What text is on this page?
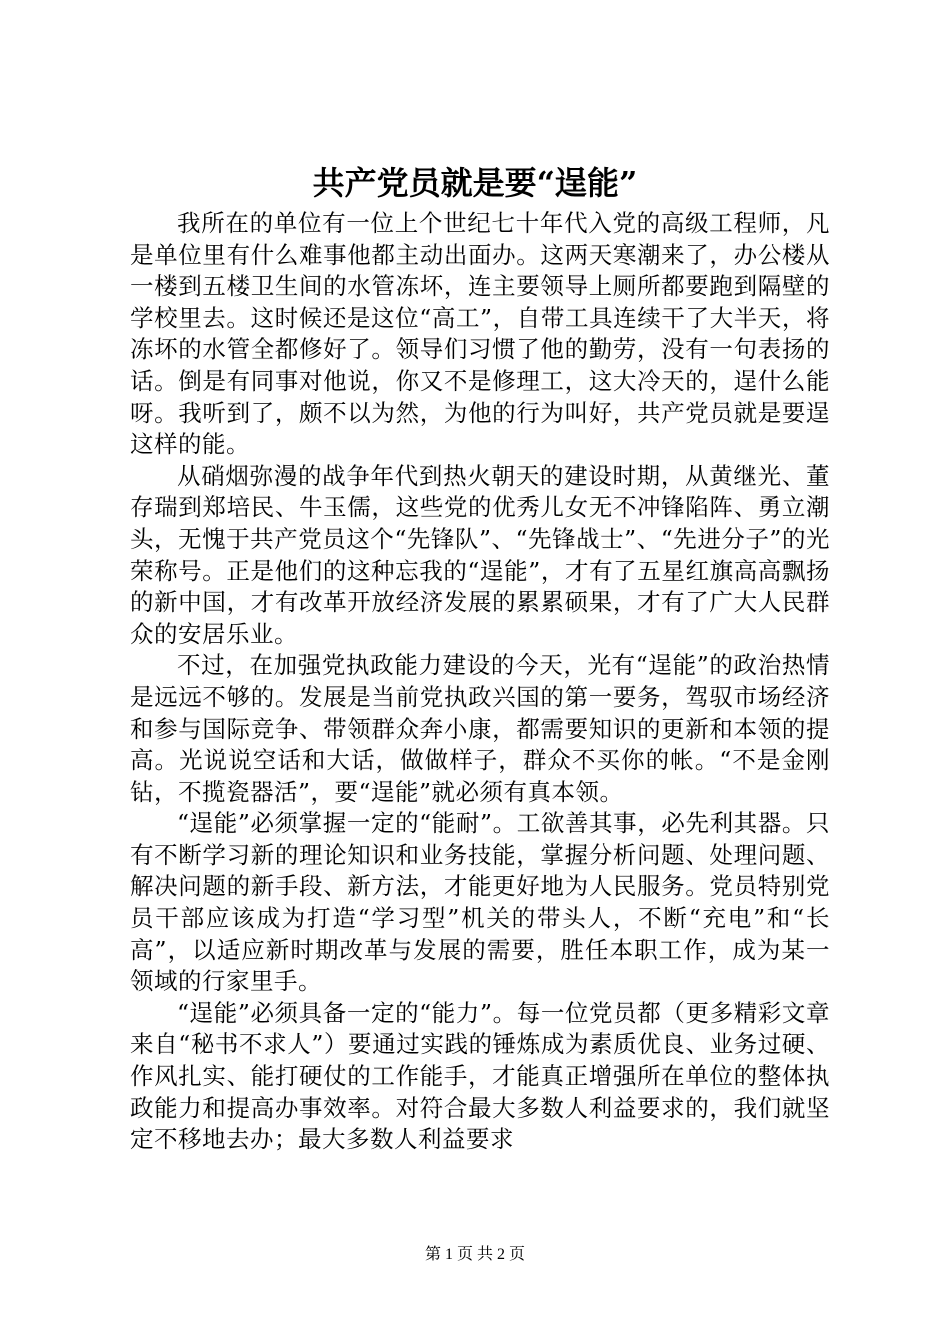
共产党员就是要“逞能”

我所在的单位有一位上个世纪七十年代入党的高级工程师，凡是单位里有什么难事他都主动出面办。这两天寒潮来了，办公楼从一楼到五楼卫生间的水管冻坏，连主要领导上厕所都要跑到隔壁的学校里去。这时候还是这位“高工”，自带工具连续干了大半天，将冻坏的水管全都修好了。领导们习惯了他的勤劳，没有一句表扬的话。倒是有同事对他说，你又不是修理工，这大冷天的，逞什么能呀。我听到了，颇不以为然，为他的行为叫好，共产党员就是要逞这样的能。

从硝烟弥漫的战争年代到热火朝天的建设时期，从黄继光、董存瑞到郑培民、牛玉儒，这些党的优秀儿女无不冲锋陷阵、勇立潮头，无愧于共产党员这个“先锋队”、“先锋战士”、“先进分子”的光荣称号。正是他们的这种忘我的“逞能”，才有了五星红旗高高飘扬的新中国，才有改革开放经济发展的累累硕果，才有了广大人民群众的安居乐业。

不过，在加强党执政能力建设的今天，光有“逞能”的政治热情是远远不够的。发展是当前党执政兴国的第一要务，驾驭市场经济和参与国际竞争、带领群众奔小康，都需要知识的更新和本领的提高。光说说空话和大话，做做样子，群众不买你的帐。“不是金刚钻，不揽瓷器活”，要“逞能”就必须有真本领。

“逞能”必须掌握一定的“能耐”。工欲善其事，必先利其器。只有不断学习新的理论知识和业务技能，掌握分析问题、处理问题、解决问题的新手段、新方法，才能更好地为人民服务。党员特别党员干部应该成为打造“学习型”机关的带头人，不断“充电”和“长高”，以适应新时期改革与发展的需要，胜任本职工作，成为某一领域的行家里手。

“逞能”必须具备一定的“能力”。每一位党员都（更多精彩文章来自“秘书不求人”）要通过实践的锤炼成为素质优良、业务过硬、作风扎实、能打硬仗的工作能手，才能真正增强所在单位的整体执政能力和提高办事效率。对符合最大多数人利益要求的，我们就坚定不移地去办；最大多数人利益要求

第 1 页 共 2 页
